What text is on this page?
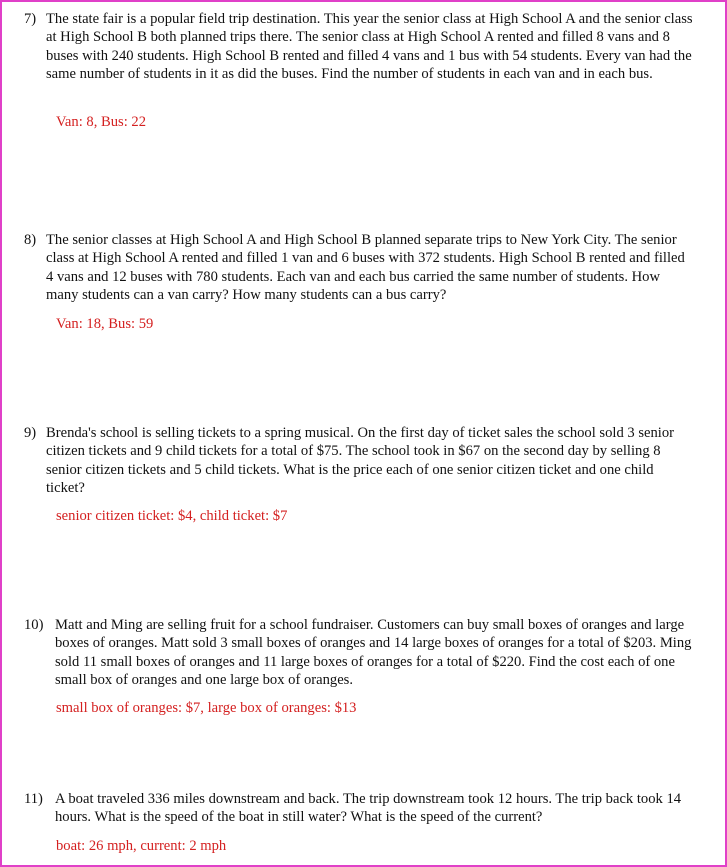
7) The state fair is a popular field trip destination. This year the senior class at High School A and the senior class at High School B both planned trips there. The senior class at High School A rented and filled 8 vans and 8 buses with 240 students. High School B rented and filled 4 vans and 1 bus with 54 students. Every van had the same number of students in it as did the buses. Find the number of students in each van and in each bus.

Van: 8, Bus: 22
8) The senior classes at High School A and High School B planned separate trips to New York City. The senior class at High School A rented and filled 1 van and 6 buses with 372 students. High School B rented and filled 4 vans and 12 buses with 780 students. Each van and each bus carried the same number of students. How many students can a van carry? How many students can a bus carry?

Van: 18, Bus: 59
9) Brenda's school is selling tickets to a spring musical. On the first day of ticket sales the school sold 3 senior citizen tickets and 9 child tickets for a total of $75. The school took in $67 on the second day by selling 8 senior citizen tickets and 5 child tickets. What is the price each of one senior citizen ticket and one child ticket?

senior citizen ticket: $4, child ticket: $7
10) Matt and Ming are selling fruit for a school fundraiser. Customers can buy small boxes of oranges and large boxes of oranges. Matt sold 3 small boxes of oranges and 14 large boxes of oranges for a total of $203. Ming sold 11 small boxes of oranges and 11 large boxes of oranges for a total of $220. Find the cost each of one small box of oranges and one large box of oranges.

small box of oranges: $7, large box of oranges: $13
11) A boat traveled 336 miles downstream and back. The trip downstream took 12 hours. The trip back took 14 hours. What is the speed of the boat in still water? What is the speed of the current?

boat: 26 mph, current: 2 mph
